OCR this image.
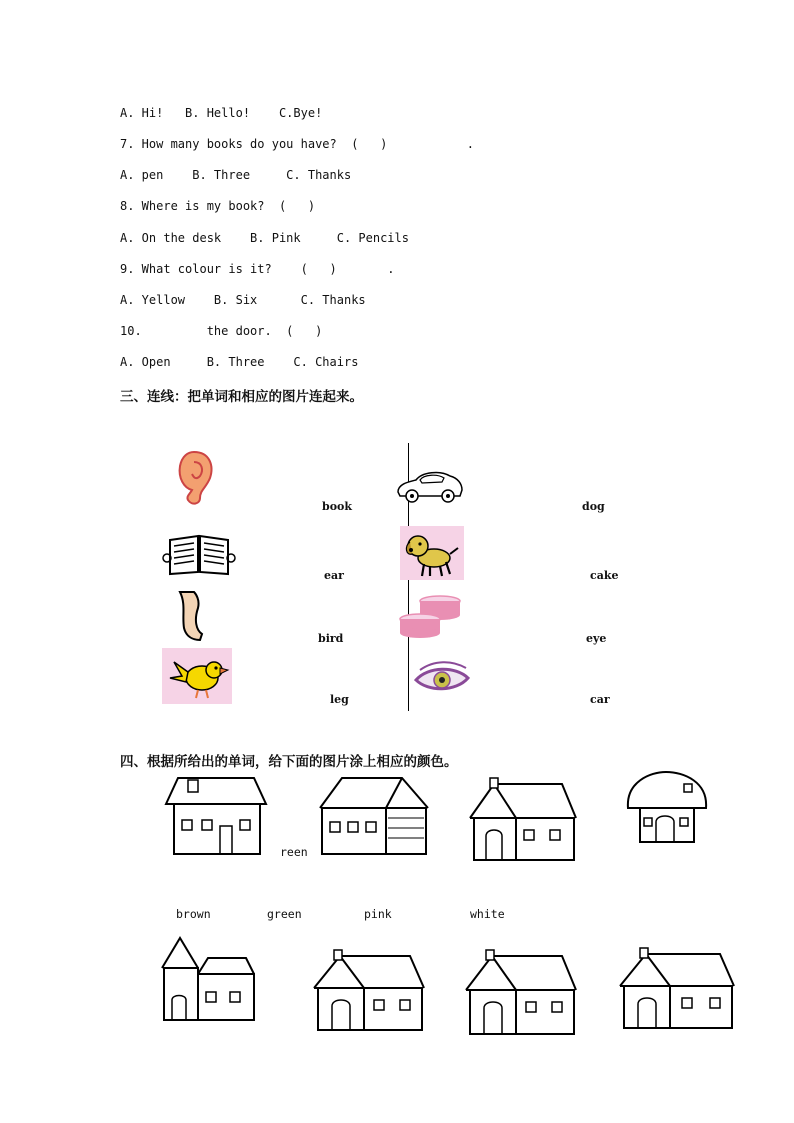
A. Hi!   B. Hello!    C.Bye!
7. How many books do you have?  (   )           .
A. pen    B. Three     C. Thanks
8. Where is my book?  (   )
A. On the desk    B. Pink     C. Pencils
9. What colour is it?    (   )       .
A. Yellow    B. Six      C. Thanks
10.         the door.  (   )
A. Open     B. Three    C. Chairs
三、连线：把单词和相应的图片连起来。
book
ear
bird
leg
dog
cake
eye
car
四、根据所给出的单词，给下面的图片涂上相应的颜色。
reen
brown	green	pink	white
